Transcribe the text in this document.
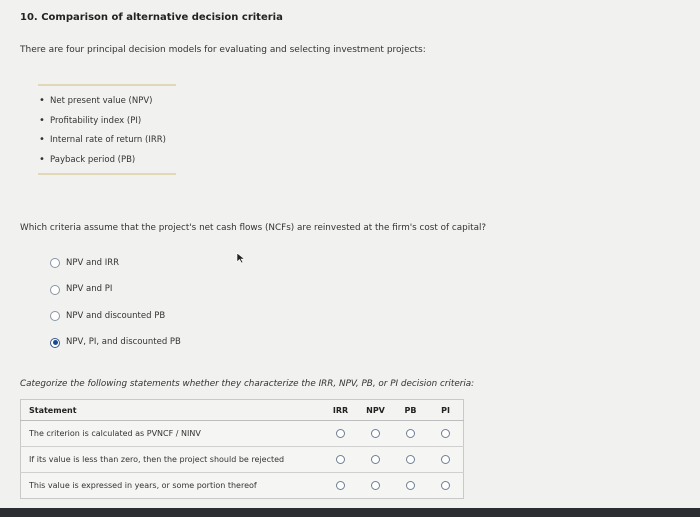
10. Comparison of alternative decision criteria
There are four principal decision models for evaluating and selecting investment projects:
• Net present value (NPV)
• Profitability index (PI)
• Internal rate of return (IRR)
• Payback period (PB)
Which criteria assume that the project's net cash flows (NCFs) are reinvested at the firm's cost of capital?
NPV and IRR
NPV and PI
NPV and discounted PB
NPV, PI, and discounted PB
Categorize the following statements whether they characterize the IRR, NPV, PB, or PI decision criteria:
Statement	IRR	NPV	PB	PI
The criterion is calculated as PVNCF / NINV				
If its value is less than zero, then the project should be rejected				
This value is expressed in years, or some portion thereof				
